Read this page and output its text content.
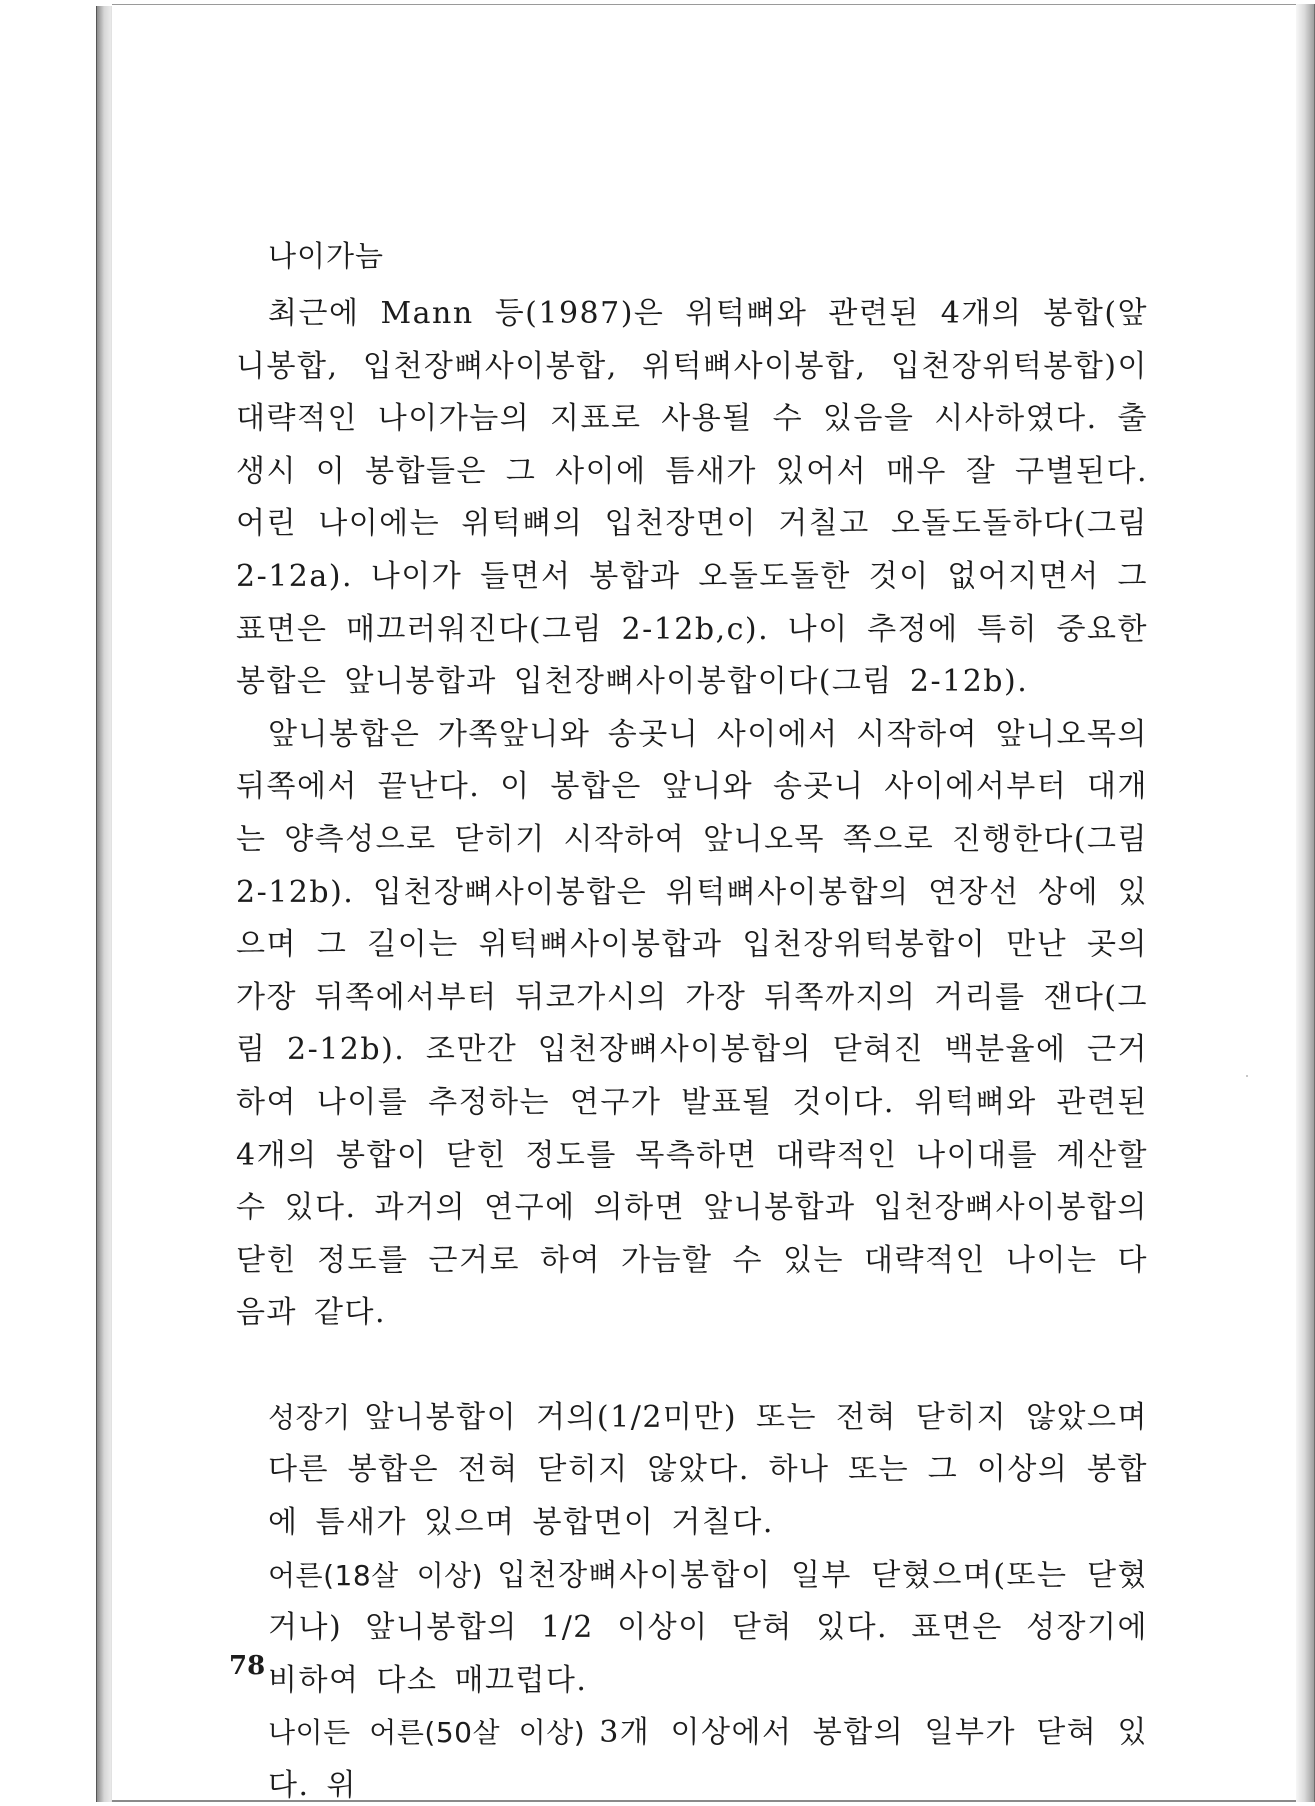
나이가늠

최근에 Mann 등(1987)은 위턱뼈와 관련된 4개의 봉합(앞니봉합, 입천장뼈사이봉합, 위턱뼈사이봉합, 입천장위턱봉합)이 대략적인 나이가늠의 지표로 사용될 수 있음을 시사하였다. 출생시 이 봉합들은 그 사이에 틈새가 있어서 매우 잘 구별된다. 어린 나이에는 위턱뼈의 입천장면이 거칠고 오돌도돌하다(그림 2-12a). 나이가 들면서 봉합과 오돌도돌한 것이 없어지면서 그 표면은 매끄러워진다(그림 2-12b,c). 나이 추정에 특히 중요한 봉합은 앞니봉합과 입천장뼈사이봉합이다(그림 2-12b).

앞니봉합은 가쪽앞니와 송곳니 사이에서 시작하여 앞니오목의 뒤쪽에서 끝난다. 이 봉합은 앞니와 송곳니 사이에서부터 대개는 양측성으로 닫히기 시작하여 앞니오목 쪽으로 진행한다(그림 2-12b). 입천장뼈사이봉합은 위턱뼈사이봉합의 연장선 상에 있으며 그 길이는 위턱뼈사이봉합과 입천장위턱봉합이 만난 곳의 가장 뒤쪽에서부터 뒤코가시의 가장 뒤쪽까지의 거리를 잰다(그림 2-12b). 조만간 입천장뼈사이봉합의 닫혀진 백분율에 근거하여 나이를 추정하는 연구가 발표될 것이다. 위턱뼈와 관련된 4개의 봉합이 닫힌 정도를 목측하면 대략적인 나이대를 계산할 수 있다. 과거의 연구에 의하면 앞니봉합과 입천장뼈사이봉합의 닫힌 정도를 근거로 하여 가늠할 수 있는 대략적인 나이는 다음과 같다.

성장기 앞니봉합이 거의(1/2미만) 또는 전혀 닫히지 않았으며 다른 봉합은 전혀 닫히지 않았다. 하나 또는 그 이상의 봉합에 틈새가 있으며 봉합면이 거칠다.

어른(18살 이상) 입천장뼈사이봉합이 일부 닫혔으며(또는 닫혔거나) 앞니봉합의 1/2 이상이 닫혀 있다. 표면은 성장기에 비하여 다소 매끄럽다.

나이든 어른(50살 이상) 3개 이상에서 봉합의 일부가 닫혀 있다. 위

78
